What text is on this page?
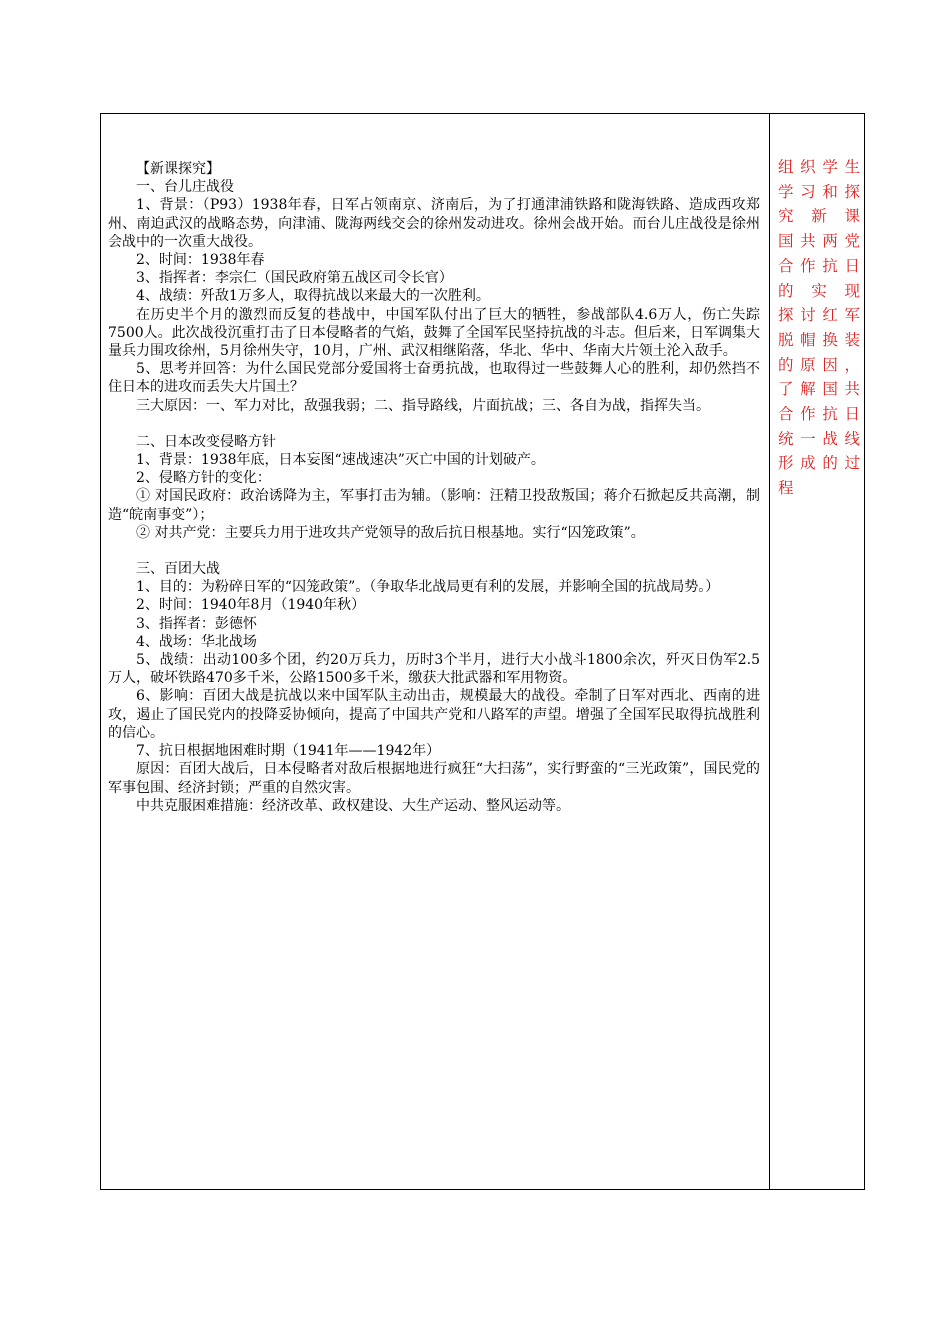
【新课探究】

一、台儿庄战役

1、背景：（P93）1938年春，日军占领南京、济南后，为了打通津浦铁路和陇海铁路、造成西攻郑州、南迫武汉的战略态势，向津浦、陇海两线交会的徐州发动进攻。徐州会战开始。而台儿庄战役是徐州会战中的一次重大战役。

2、时间：1938年春

3、指挥者：李宗仁（国民政府第五战区司令长官）

4、战绩：歼敌1万多人，取得抗战以来最大的一次胜利。

在历史半个月的激烈而反复的巷战中，中国军队付出了巨大的牺牲，参战部队4.6万人，伤亡失踪7500人。此次战役沉重打击了日本侵略者的气焰，鼓舞了全国军民坚持抗战的斗志。但后来，日军调集大量兵力围攻徐州，5月徐州失守，10月，广州、武汉相继陷落，华北、华中、华南大片领土沦入敌手。

5、思考并回答：为什么国民党部分爱国将士奋勇抗战，也取得过一些鼓舞人心的胜利，却仍然挡不住日本的进攻而丢失大片国土？

三大原因：一、军力对比，敌强我弱；二、指导路线，片面抗战；三、各自为战，指挥失当。

二、日本改变侵略方针

1、背景：1938年底，日本妄图“速战速决”灭亡中国的计划破产。

2、侵略方针的变化：

① 对国民政府：政治诱降为主，军事打击为辅。（影响：汪精卫投敌叛国；蒋介石掀起反共高潮，制造“皖南事变”）；

② 对共产党：主要兵力用于进攻共产党领导的敌后抗日根基地。实行“囚笼政策”。

三、百团大战

1、目的：为粉碎日军的“囚笼政策”。（争取华北战局更有利的发展，并影响全国的抗战局势。）

2、时间：1940年8月（1940年秋）

3、指挥者：彭德怀

4、战场：华北战场

5、战绩：出动100多个团，约20万兵力，历时3个半月，进行大小战斗1800余次，歼灭日伪军2.5万人，破坏铁路470多千米，公路1500多千米，缴获大批武器和军用物资。

6、影响：百团大战是抗战以来中国军队主动出击，规模最大的战役。牵制了日军对西北、西南的进攻，遏止了国民党内的投降妥协倾向，提高了中国共产党和八路军的声望。增强了全国军民取得抗战胜利的信心。

7、抗日根据地困难时期（1941年——1942年）

原因：百团大战后，日本侵略者对敌后根据地进行疯狂“大扫荡”，实行野蛮的“三光政策”，国民党的军事包围、经济封锁；严重的自然灾害。

中共克服困难措施：经济改革、政权建设、大生产运动、整风运动等。

组织学生

学习和探

究新课

国共两党

合作抗日

的实现

探讨红军

脱帽换装

的原因，

了解国共

合作抗日

统一战线

形成的过

程
